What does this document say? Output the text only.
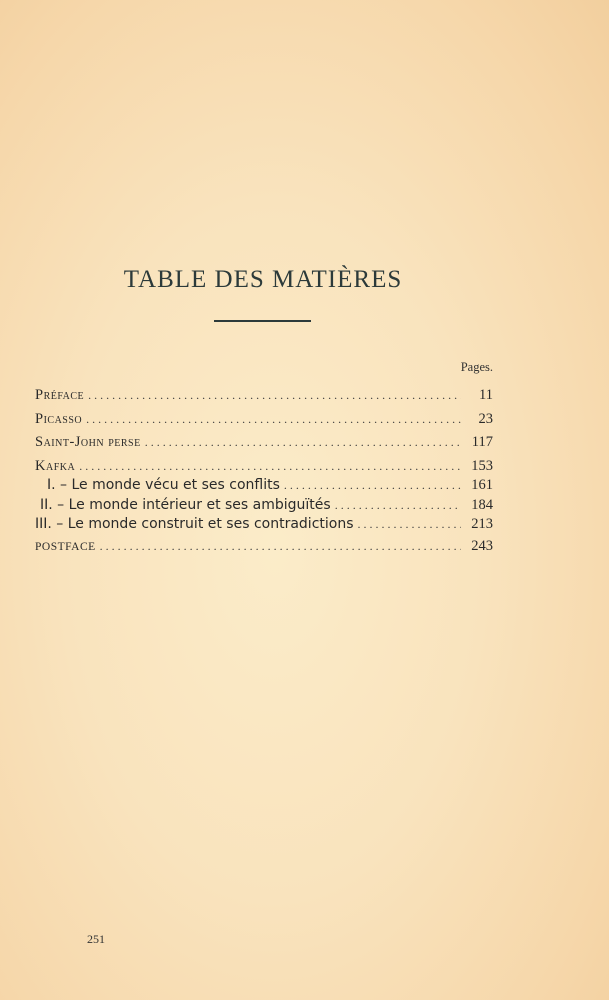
TABLE DES MATIÈRES
Pages.
Préface . . .	11
Picasso . . .	23
Saint-John perse . . .	117
Kafka . . .	153
I. – Le monde vécu et ses conflits . . .	161
II. – Le monde intérieur et ses ambiguïtés . . .	184
III. – Le monde construit et ses contradictions . . .	213
POSTFACE . . .	243
251
